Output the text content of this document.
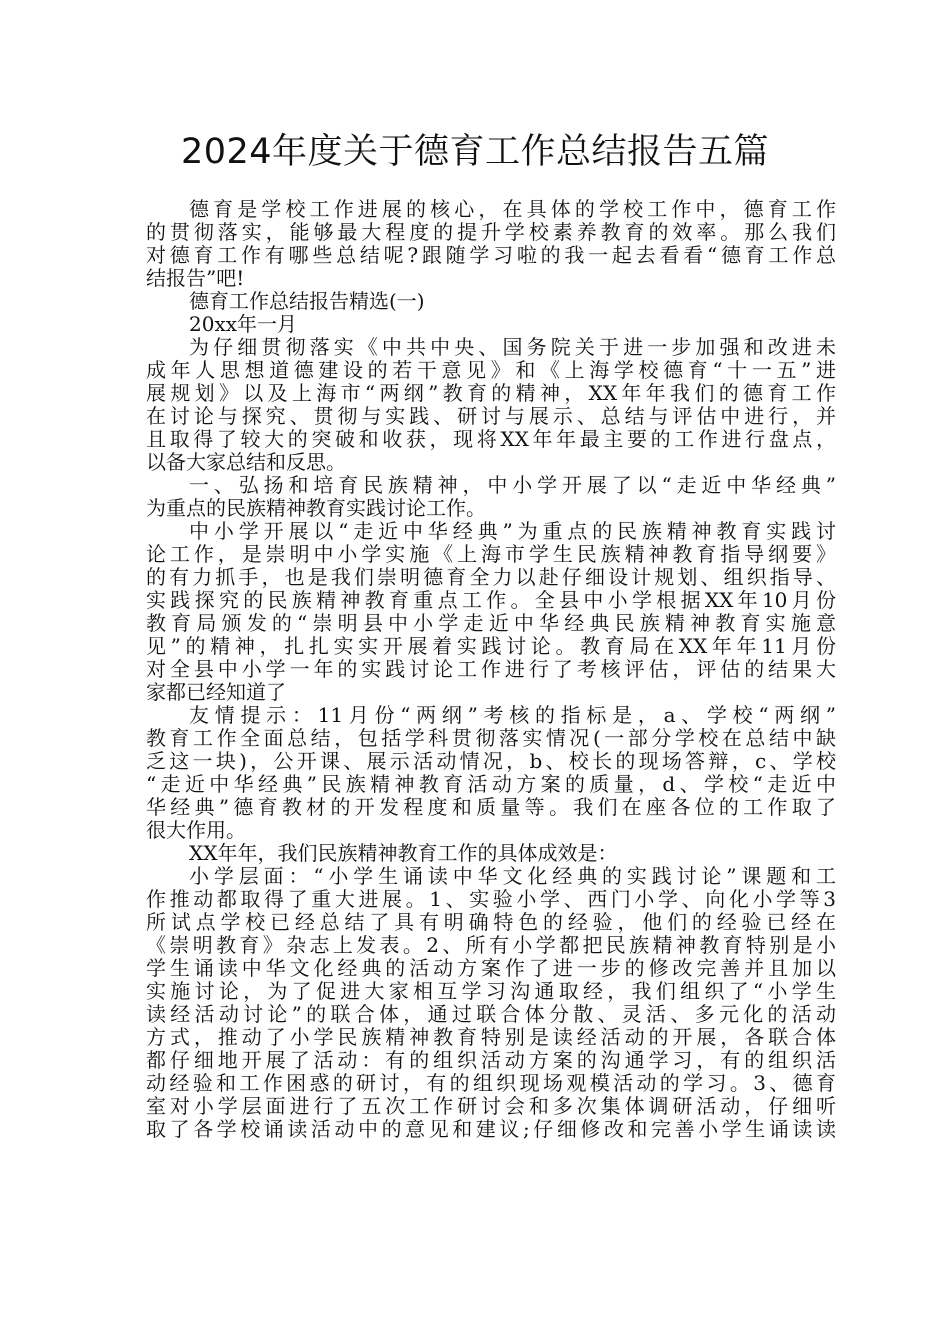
2024年度关于德育工作总结报告五篇
德育是学校工作进展的核心，在具体的学校工作中，德育工作
的贯彻落实，能够最大程度的提升学校素养教育的效率。那么我们
对德育工作有哪些总结呢?跟随学习啦的我一起去看看“德育工作总
结报告”吧!
德育工作总结报告精选(一)
20xx年一月
为仔细贯彻落实《中共中央、国务院关于进一步加强和改进未
成年人思想道德建设的若干意见》和《上海学校德育“十一五”进
展规划》以及上海市“两纲”教育的精神，XX年年我们的德育工作
在讨论与探究、贯彻与实践、研讨与展示、总结与评估中进行，并
且取得了较大的突破和收获，现将XX年年最主要的工作进行盘点，
以备大家总结和反思。
一、弘扬和培育民族精神，中小学开展了以“走近中华经典”
为重点的民族精神教育实践讨论工作。
中小学开展以“走近中华经典”为重点的民族精神教育实践讨
论工作，是崇明中小学实施《上海市学生民族精神教育指导纲要》
的有力抓手，也是我们崇明德育全力以赴仔细设计规划、组织指导、
实践探究的民族精神教育重点工作。全县中小学根据XX年10月份
教育局颁发的“崇明县中小学走近中华经典民族精神教育实施意
见”的精神，扎扎实实开展着实践讨论。教育局在XX年年11月份
对全县中小学一年的实践讨论工作进行了考核评估，评估的结果大
家都已经知道了
友情提示：11月份“两纲”考核的指标是，a、学校“两纲”
教育工作全面总结，包括学科贯彻落实情况(一部分学校在总结中缺
乏这一块)，公开课、展示活动情况，b、校长的现场答辩，c、学校
“走近中华经典”民族精神教育活动方案的质量，d、学校“走近中
华经典”德育教材的开发程度和质量等。我们在座各位的工作取了
很大作用。
XX年年，我们民族精神教育工作的具体成效是：
小学层面：“小学生诵读中华文化经典的实践讨论”课题和工
作推动都取得了重大进展。1、实验小学、西门小学、向化小学等3
所试点学校已经总结了具有明确特色的经验，他们的经验已经在
《崇明教育》杂志上发表。2、所有小学都把民族精神教育特别是小
学生诵读中华文化经典的活动方案作了进一步的修改完善并且加以
实施讨论，为了促进大家相互学习沟通取经，我们组织了“小学生
读经活动讨论”的联合体，通过联合体分散、灵活、多元化的活动
方式，推动了小学民族精神教育特别是读经活动的开展，各联合体
都仔细地开展了活动：有的组织活动方案的沟通学习，有的组织活
动经验和工作困惑的研讨，有的组织现场观模活动的学习。3、德育
室对小学层面进行了五次工作研讨会和多次集体调研活动，仔细听
取了各学校诵读活动中的意见和建议;仔细修改和完善小学生诵读读
